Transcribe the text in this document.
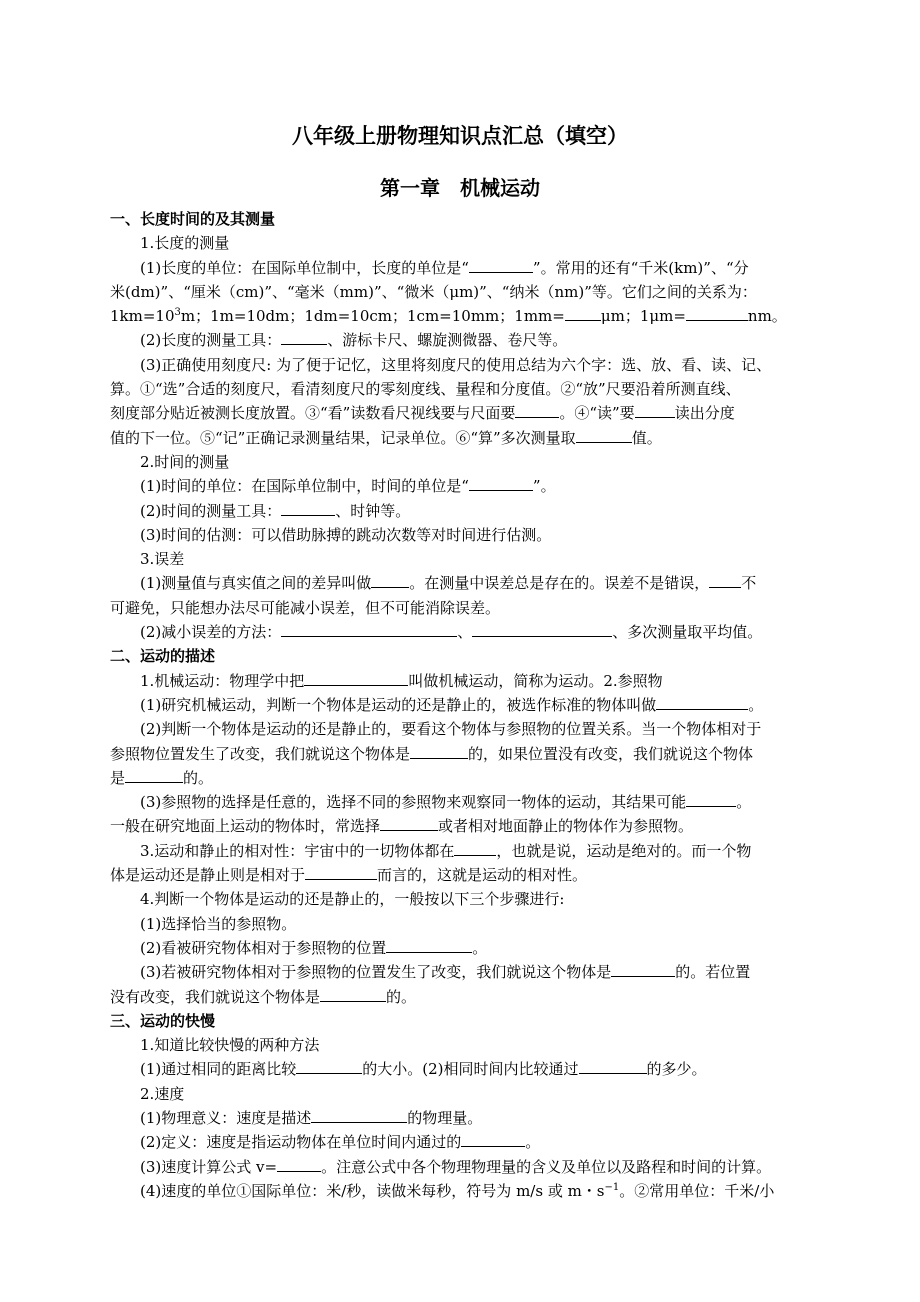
八年级上册物理知识点汇总（填空）
第一章　机械运动

一、长度时间的及其测量

1.长度的测量

(1)长度的单位：在国际单位制中，长度的单位是“	”。常用的还有“千米(km)”、“分

米(dm)”、“厘米（cm)”、“毫米（mm)”、“微米（μm)”、“纳米（nm)”等。它们之间的关系为：

$1km=10^3m$；1m=10dm；1dm=10cm；1cm=10mm；1mm= μm；1μm=	nm。

(2)长度的测量工具：	、游标卡尺、螺旋测微器、卷尺等。

(3)正确使用刻度尺: 为了便于记忆，这里将刻度尺的使用总结为六个字：选、放、看、读、记、

算。①“选”合适的刻度尺，看清刻度尺的零刻度线、量程和分度值。②“放”尺要沿着所测直线、

刻度部分贴近被测长度放置。③“看”读数看尺视线要与尺面要	。④“读”要	读出分度

值的下一位。⑤“记”正确记录测量结果，记录单位。⑥“算”多次测量取	值。

2.时间的测量

(1)时间的单位：在国际单位制中，时间的单位是“	”。

(2)时间的测量工具：	、时钟等。

(3)时间的估测：可以借助脉搏的跳动次数等对时间进行估测。

3.误差

(1)测量值与真实值之间的差异叫做	。在测量中误差总是存在的。误差不是错误， 不

可避免，只能想办法尽可能减小误差，但不可能消除误差。

(2)减小误差的方法：	、	、多次测量取平均值。

二、运动的描述

1.机械运动：物理学中把	叫做机械运动，简称为运动。2.参照物

(1)研究机械运动，判断一个物体是运动的还是静止的，被选作标准的物体叫做	。

(2)判断一个物体是运动的还是静止的，要看这个物体与参照物的位置关系。当一个物体相对于

参照物位置发生了改变，我们就说这个物体是	的，如果位置没有改变，我们就说这个物体

是	的。

(3)参照物的选择是任意的，选择不同的参照物来观察同一物体的运动，其结果可能	。

一般在研究地面上运动的物体时，常选择	或者相对地面静止的物体作为参照物。

3.运动和静止的相对性：宇宙中的一切物体都在	，也就是说，运动是绝对的。而一个物

体是运动还是静止则是相对于	而言的，这就是运动的相对性。

4.判断一个物体是运动的还是静止的，一般按以下三个步骤进行:

(1)选择恰当的参照物。

(2)看被研究物体相对于参照物的位置	。

(3)若被研究物体相对于参照物的位置发生了改变，我们就说这个物体是	的。若位置

没有改变，我们就说这个物体是	的。

三、运动的快慢

1.知道比较快慢的两种方法

(1)通过相同的距离比较	的大小。(2)相同时间内比较通过	的多少。

2.速度

(1)物理意义：速度是描述	的物理量。

(2)定义：速度是指运动物体在单位时间内通过的	。

(3)速度计算公式 v=	。注意公式中各个物理物理量的含义及单位以及路程和时间的计算。

(4)速度的单位①国际单位：米/秒，读做米每秒，符号为 m/s 或 m・$s^{-1}$。②常用单位：千米/小
